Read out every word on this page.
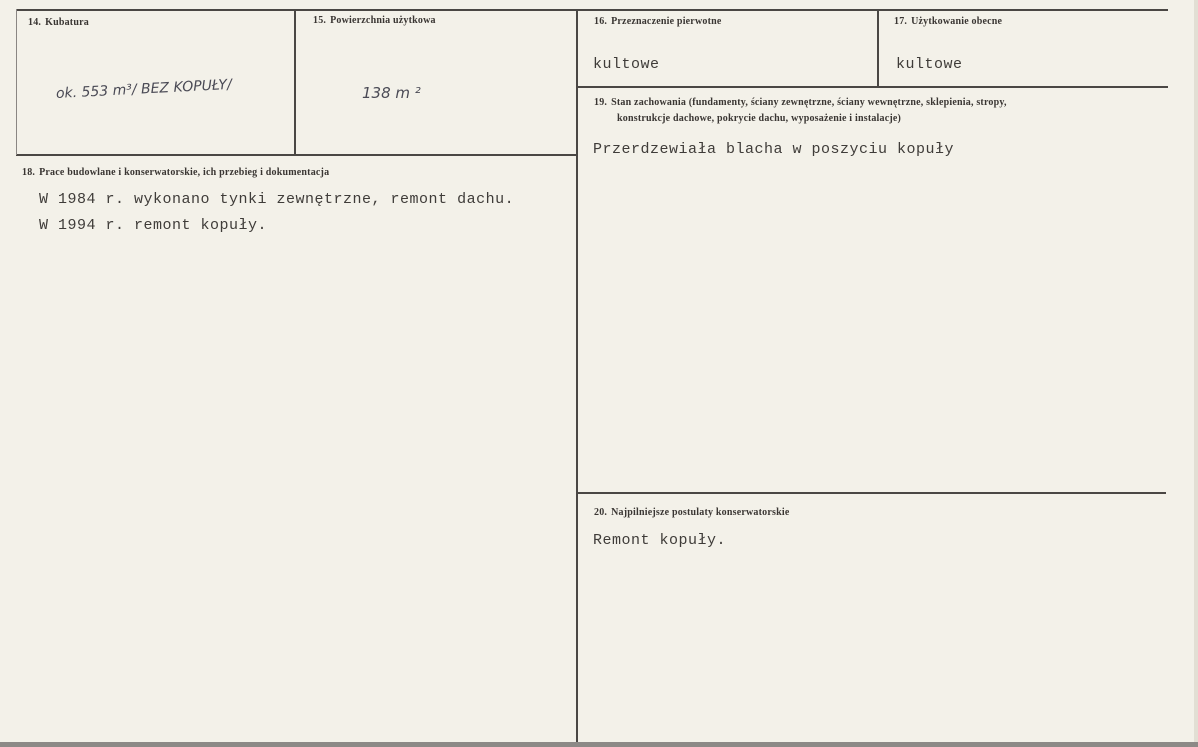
14. Kubatura
ok. 553 m³/ BEZ KOPUŁY/
15. Powierzchnia użytkowa
138 m ²
16. Przeznaczenie pierwotne
kultowe
17. Użytkowanie obecne
kultowe
18. Prace budowlane i konserwatorskie, ich przebieg i dokumentacja
W 1984 r. wykonano tynki zewnętrzne, remont dachu.
W 1994 r. remont kopuły.
19. Stan zachowania (fundamenty, ściany zewnętrzne, ściany wewnętrzne, sklepienia, stropy,
konstrukcje dachowe, pokrycie dachu, wyposażenie i instalacje)
Przerdzewiała blacha w poszyciu kopuły
20. Najpilniejsze postulaty konserwatorskie
Remont kopuły.
